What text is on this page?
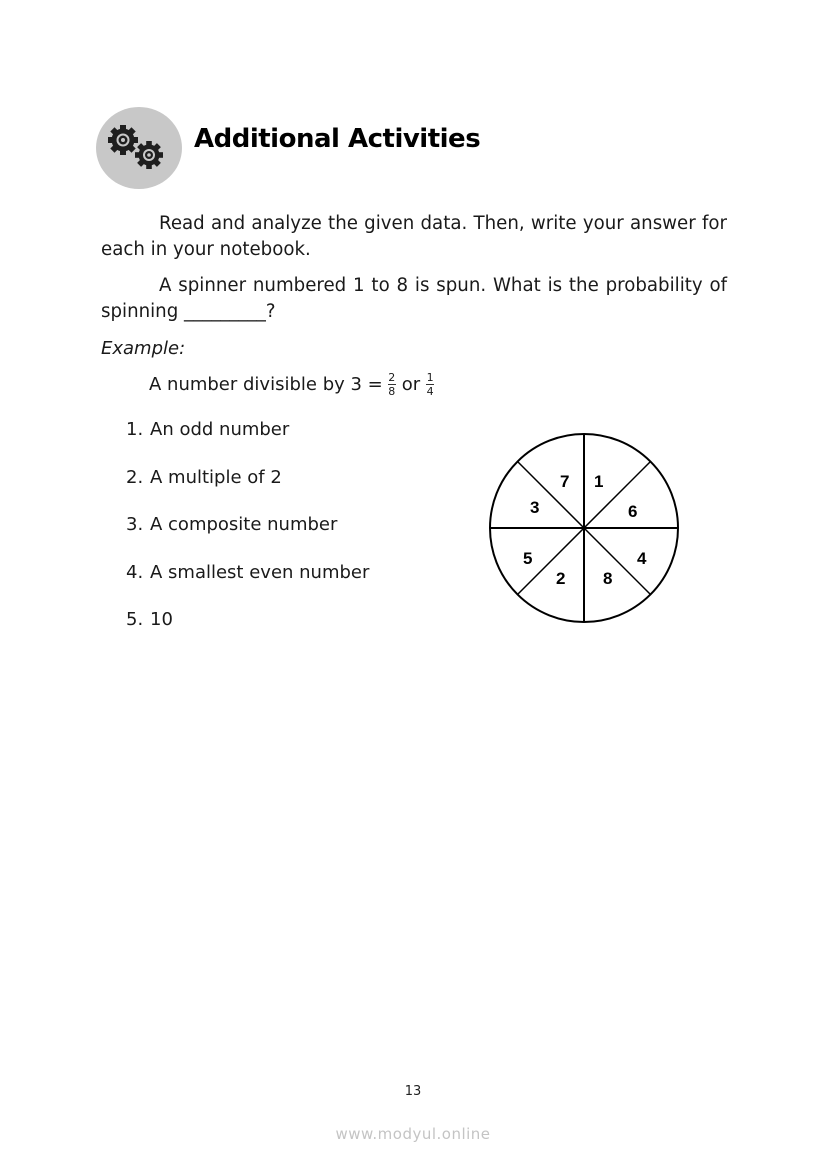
Additional Activities

Read and analyze the given data. Then, write your answer for each in your notebook.

A spinner numbered 1 to 8 is spun. What is the probability of spinning _________?

Example:
A number divisible by $3 = \frac{2}{8}$ or $\frac{1}{4}$
1. An odd number
2. A multiple of 2
3. A composite number
4. A smallest even number
5. 10
1
6
4
8
2
5
3
7
13
www.modyul.online
